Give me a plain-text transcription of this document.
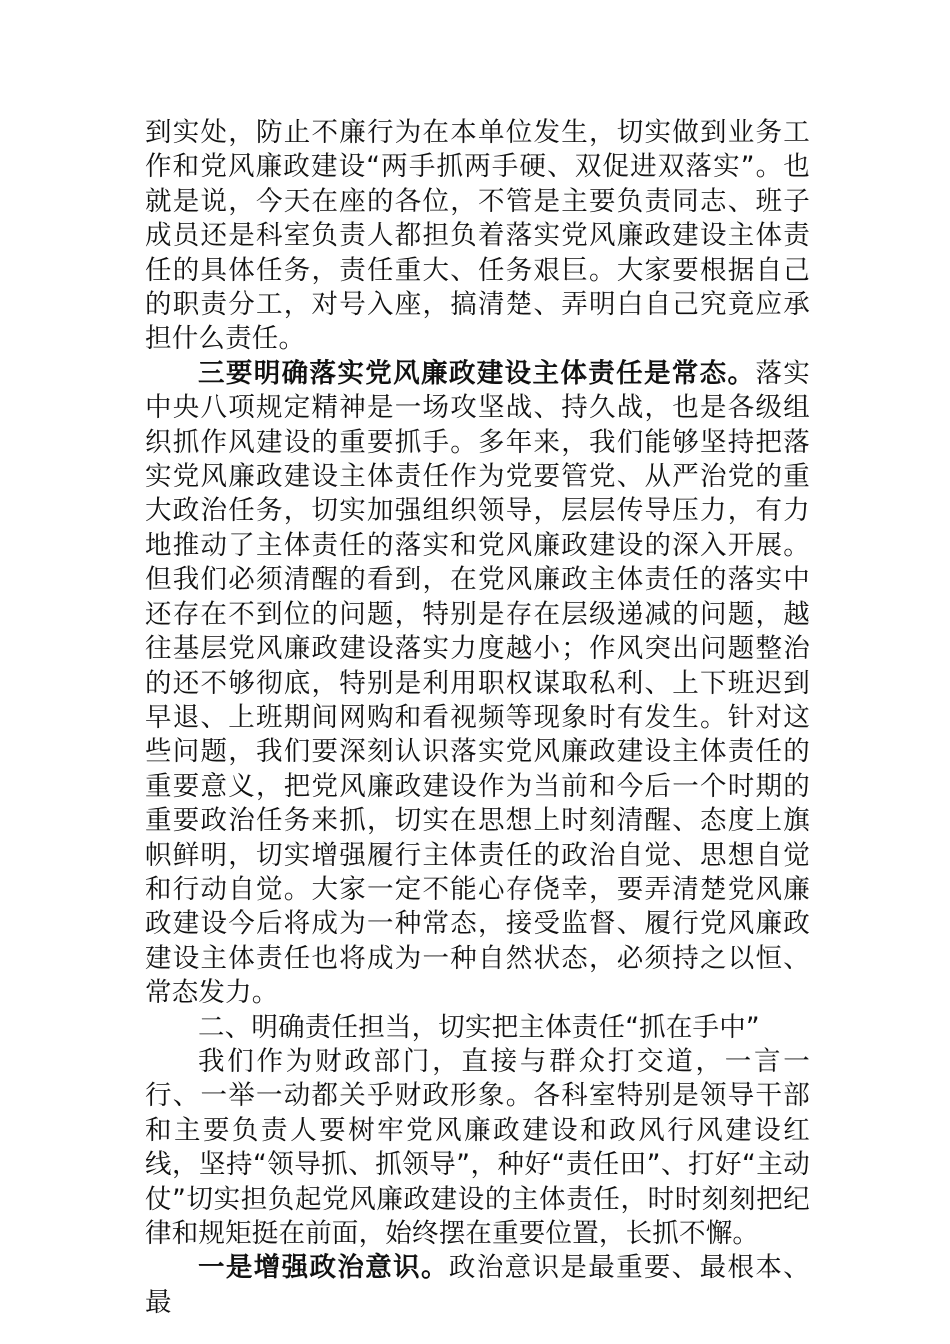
到实处，防止不廉行为在本单位发生，切实做到业务工作和党风廉政建设“两手抓两手硬、双促进双落实”。也就是说，今天在座的各位，不管是主要负责同志、班子成员还是科室负责人都担负着落实党风廉政建设主体责任的具体任务，责任重大、任务艰巨。大家要根据自己的职责分工，对号入座，搞清楚、弄明白自己究竟应承担什么责任。

三要明确落实党风廉政建设主体责任是常态。落实中央八项规定精神是一场攻坚战、持久战，也是各级组织抓作风建设的重要抓手。多年来，我们能够坚持把落实党风廉政建设主体责任作为党要管党、从严治党的重大政治任务，切实加强组织领导，层层传导压力，有力地推动了主体责任的落实和党风廉政建设的深入开展。但我们必须清醒的看到，在党风廉政主体责任的落实中还存在不到位的问题，特别是存在层级递减的问题，越往基层党风廉政建设落实力度越小；作风突出问题整治的还不够彻底，特别是利用职权谋取私利、上下班迟到早退、上班期间网购和看视频等现象时有发生。针对这些问题，我们要深刻认识落实党风廉政建设主体责任的重要意义，把党风廉政建设作为当前和今后一个时期的重要政治任务来抓，切实在思想上时刻清醒、态度上旗帜鲜明，切实增强履行主体责任的政治自觉、思想自觉和行动自觉。大家一定不能心存侥幸，要弄清楚党风廉政建设今后将成为一种常态，接受监督、履行党风廉政建设主体责任也将成为一种自然状态，必须持之以恒、常态发力。

二、明确责任担当，切实把主体责任“抓在手中”

我们作为财政部门，直接与群众打交道，一言一行、一举一动都关乎财政形象。各科室特别是领导干部和主要负责人要树牢党风廉政建设和政风行风建设红线，坚持“领导抓、抓领导”，种好“责任田”、打好“主动仗”切实担负起党风廉政建设的主体责任，时时刻刻把纪律和规矩挺在前面，始终摆在重要位置，长抓不懈。

一是增强政治意识。政治意识是最重要、最根本、最
